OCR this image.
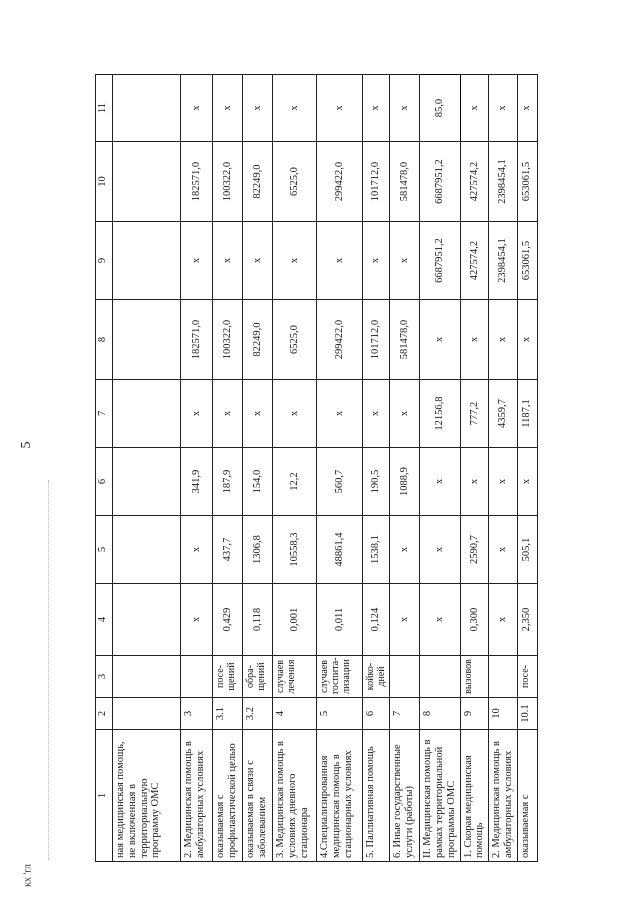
5
кх 'гл
1	2	3	4	5	6	7	8	9	10	11
ная медицинская помощь, не включенная в территориальную программу ОМС										
2. Медицинская помощь в амбулаторных условиях	3		x	x	341,9	x	182571,0	x	182571,0	x
оказываемая с профилактической целью	3.1	посе-щений	0,429	437,7	187,9	x	100322,0	x	100322,0	x
оказываемая в связи с заболеванием	3.2	обра-щений	0,118	1306,8	154,0	x	82249,0	x	82249,0	x
3. Медицинская помощь в условиях дневного стационара	4	случаев лечения	0,001	10558,3	12,2	x	6525,0	x	6525,0	x
4.Специализированная медицинская помощь в стационарных условиях	5	случаев госпита-лизации	0,011	48861,4	560,7	x	299422,0	x	299422,0	x
5. Паллиативная помощь	6	койко-дней	0,124	1538,1	190,5	x	101712,0	x	101712,0	x
6. Иные государственные услуги (работы)	7		x	x	1088,9	x	581478,0	x	581478,0	x
II. Медицинская помощь в рамках территориальной программы ОМС	8		x	x	x	12156,8	x	6687951,2	6687951,2	85,0
1. Скорая медицинская помощь	9	вызовов	0,300	2590,7	x	777,2	x	427574,2	427574,2	x
2. Медицинская помощь в амбулаторных условиях	10		x	x	x	4359,7	x	2398454,1	2398454,1	x
оказываемая с	10.1	посе-	2,350	505,1	x	1187,1	x	653061,5	653061,5	x
